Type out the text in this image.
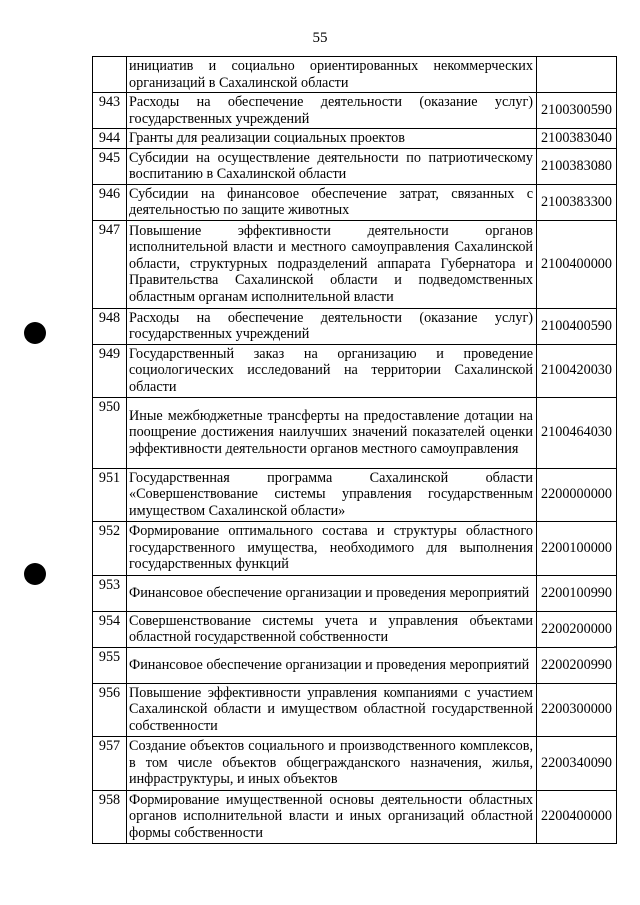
55
	инициатив и социально ориентированных некоммерческих организаций в Сахалинской области	
943	Расходы на обеспечение деятельности (оказание услуг) государственных учреждений	2100300590
944	Гранты для реализации социальных проектов	2100383040
945	Субсидии на осуществление деятельности по патриотическому воспитанию в Сахалинской области	2100383080
946	Субсидии на финансовое обеспечение затрат, связанных с деятельностью по защите животных	2100383300
947	Повышение эффективности деятельности органов исполнительной власти и местного самоуправления Сахалинской области, структурных подразделений аппарата Губернатора и Правительства Сахалинской области и подведомственных областным органам исполнительной власти	2100400000
948	Расходы на обеспечение деятельности (оказание услуг) государственных учреждений	2100400590
949	Государственный заказ на организацию и проведение социологических исследований на территории Сахалинской области	2100420030
950	Иные межбюджетные трансферты на предоставление дотации на поощрение достижения наилучших значений показателей оценки эффективности деятельности органов местного самоуправления	2100464030
951	Государственная программа Сахалинской области «Совершенствование системы управления государственным имуществом Сахалинской области»	2200000000
952	Формирование оптимального состава и структуры областного государственного имущества, необходимого для выполнения государственных функций	2200100000
953	Финансовое обеспечение организации и проведения мероприятий	2200100990
954	Совершенствование системы учета и управления объектами областной государственной собственности	2200200000
955	Финансовое обеспечение организации и проведения мероприятий	2200200990
956	Повышение эффективности управления компаниями с участием Сахалинской области и имуществом областной государственной собственности	2200300000
957	Создание объектов социального и производственного комплексов, в том числе объектов общегражданского назначения, жилья, инфраструктуры, и иных объектов	2200340090
958	Формирование имущественной основы деятельности областных органов исполнительной власти и иных организаций областной формы собственности	2200400000
